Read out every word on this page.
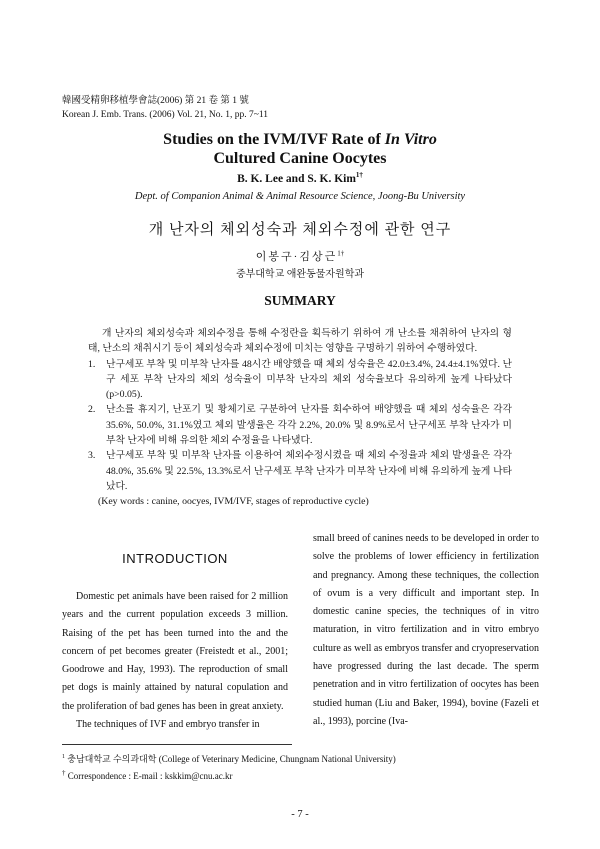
韓國受精卵移植學會誌(2006) 第 21 卷 第 1 號
Korean J. Emb. Trans. (2006) Vol. 21, No. 1, pp. 7~11
Studies on the IVM/IVF Rate of In Vitro
Cultured Canine Oocytes
B. K. Lee and S. K. Kim$^{1\dagger}$
Dept. of Companion Animal & Animal Resource Science, Joong-Bu University
개 난자의 체외성숙과 체외수정에 관한 연구
이봉구·김상근$^{1\dagger}$
중부대학교 애완동물자원학과
SUMMARY

개 난자의 체외성숙과 체외수정을 통해 수정란을 획득하기 위하여 개 난소를 채취하여 난자의 형태, 난소의 채취시기 등이 체외성숙과 체외수정에 미치는 영향을 구명하기 위하여 수행하였다.

1. 난구세포 부착 및 미부착 난자를 48시간 배양했을 때 체외 성숙율은 42.0±3.4%, 24.4±4.1%였다. 난구 세포 부착 난자의 체외 성숙율이 미부착 난자의 체외 성숙율보다 유의하게 높게 나타났다(p>0.05).
2. 난소를 휴지기, 난포기 및 황체기로 구분하여 난자를 회수하여 배양했을 때 체외 성숙율은 각각 35.6%, 50.0%, 31.1%였고 체외 발생율은 각각 2.2%, 20.0% 및 8.9%로서 난구세포 부착 난자가 미부착 난자에 비해 유의한 체외 수정율을 나타냈다.
3. 난구세포 부착 및 미부착 난자를 이용하여 체외수정시켰을 때 체외 수정율과 체외 발생율은 각각 48.0%, 35.6% 및 22.5%, 13.3%로서 난구세포 부착 난자가 미부착 난자에 비해 유의하게 높게 나타났다.
(Key words : canine, oocyes, IVM/IVF, stages of reproductive cycle)
INTRODUCTION

Domestic pet animals have been raised for 2 million years and the current population exceeds 3 million. Raising of the pet has been turned into the and the concern of pet becomes greater (Freistedt et al., 2001; Goodrowe and Hay, 1993). The reproduction of small pet dogs is mainly attained by natural copulation and the proliferation of bad genes has been in great anxiety.

The techniques of IVF and embryo transfer in

small breed of canines needs to be developed in order to solve the problems of lower efficiency in fertilization and pregnancy. Among these techniques, the collection of ovum is a very difficult and important step. In domestic canine species, the techniques of in vitro maturation, in vitro fertilization and in vitro embryo culture as well as embryos transfer and cryopreservation have progressed during the last decade. The sperm penetration and in vitro fertilization of oocytes has been studied human (Liu and Baker, 1994), bovine (Fazeli et al., 1993), porcine (Iva-
$^1$ 충남대학교 수의과대학 (College of Veterinary Medicine, Chungnam National University)
† Correspondence : E-mail : kskkim@cnu.ac.kr
- 7 -
